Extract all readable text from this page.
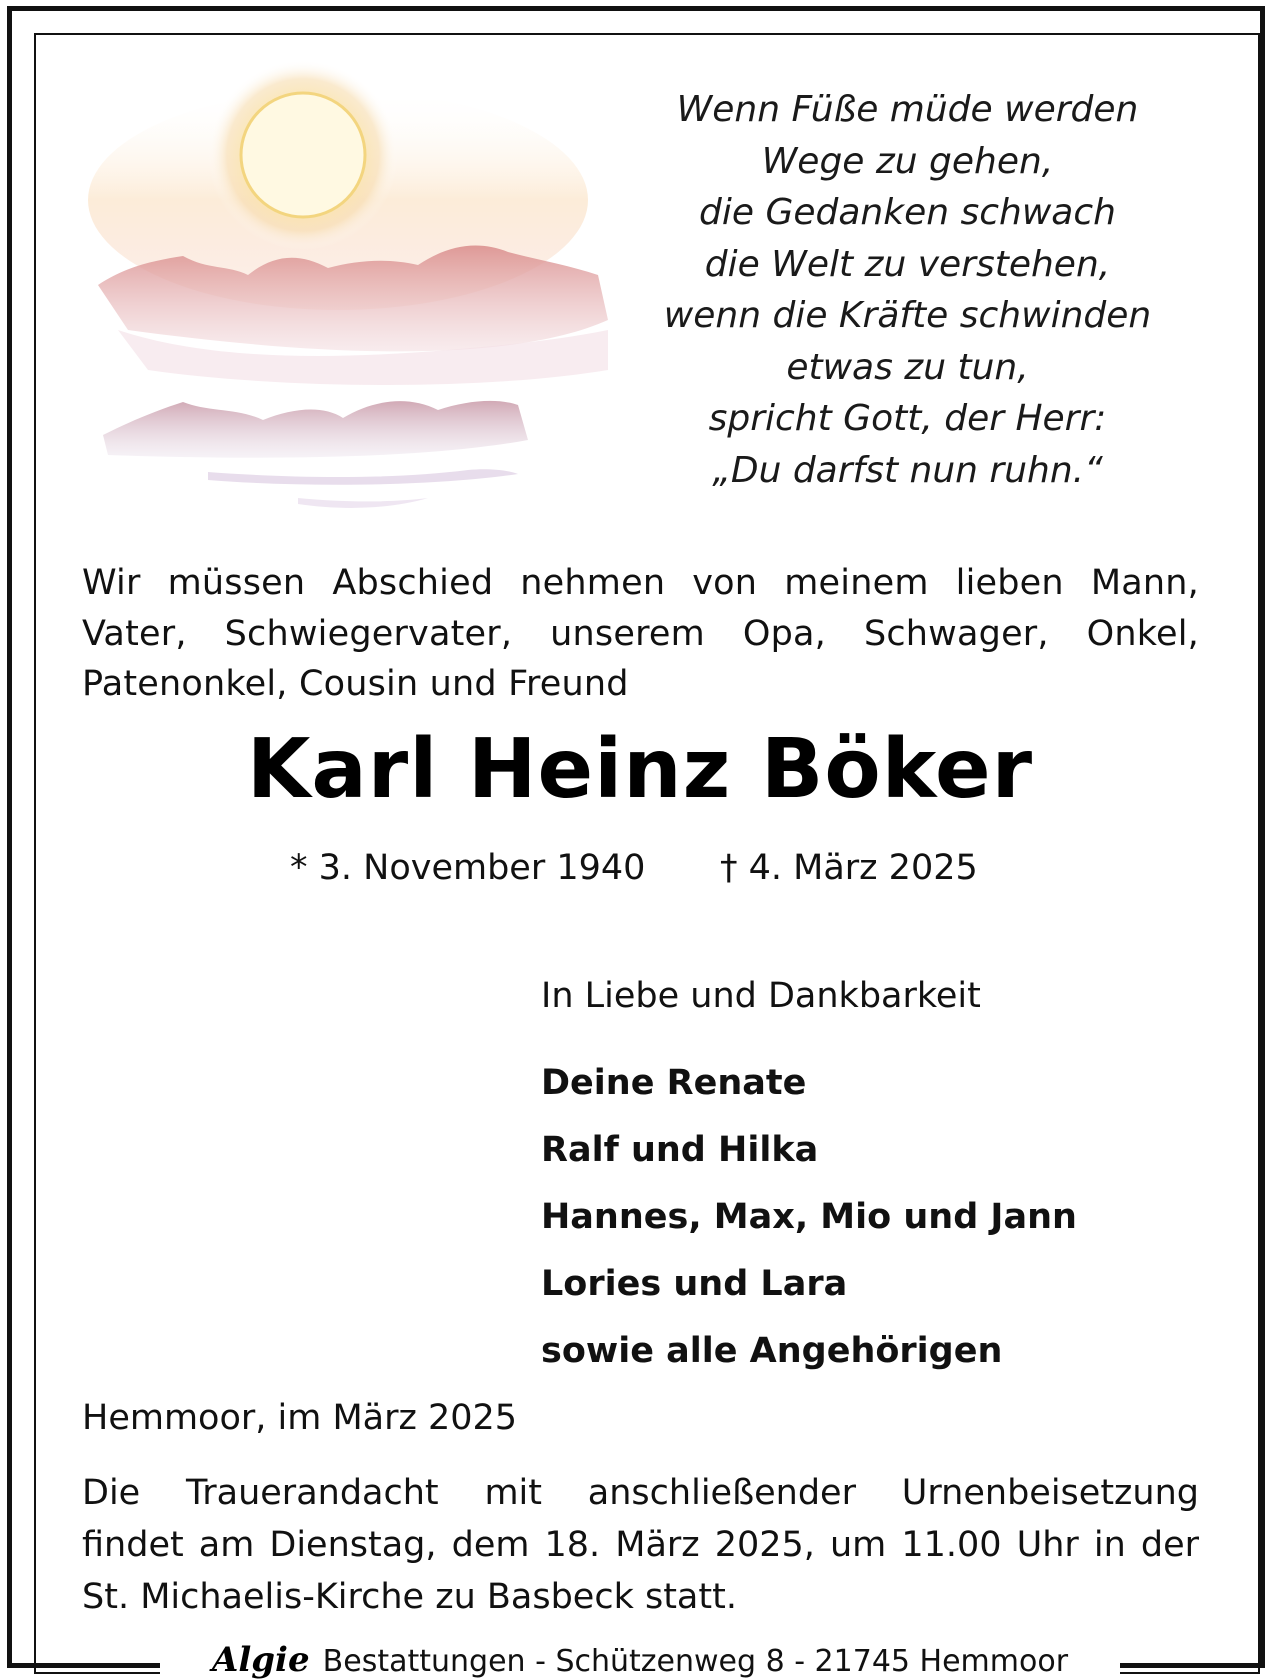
Wenn Füße müde werden
Wege zu gehen,
die Gedanken schwach
die Welt zu verstehen,
wenn die Kräfte schwinden
etwas zu tun,
spricht Gott, der Herr:
„Du darfst nun ruhn.“
Wir müssen Abschied nehmen von meinem lieben Mann,
Vater, Schwiegervater, unserem Opa, Schwager, Onkel,
Patenonkel, Cousin und Freund
Karl Heinz Böker
* 3. November 1940 † 4. März 2025
In Liebe und Dankbarkeit
Deine Renate
Ralf und Hilka
Hannes, Max, Mio und Jann
Lories und Lara
sowie alle Angehörigen
Hemmoor, im März 2025
Die Trauerandacht mit anschließender Urnenbeisetzung
findet am Dienstag, dem 18. März 2025, um 11.00 Uhr in der
St. Michaelis-Kirche zu Basbeck statt.
Algie Bestattungen - Schützenweg 8 - 21745 Hemmoor
